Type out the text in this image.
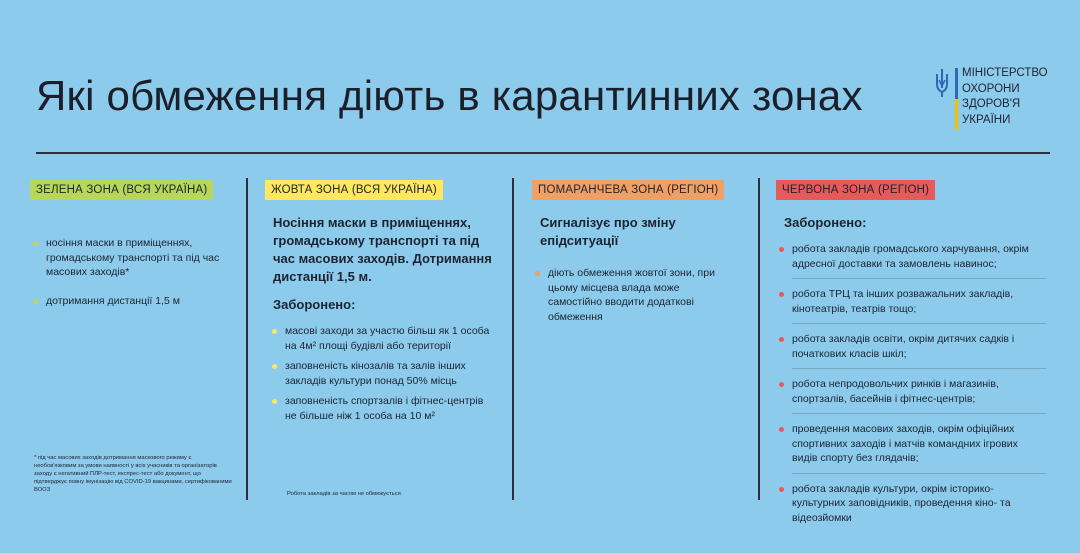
Які обмеження діють в карантинних зонах	МІНІСТЕРСТВО
ОХОРОНИ
ЗДОРОВ'Я
УКРАЇНИ
ЗЕЛЕНА ЗОНА (ВСЯ УКРАЇНА)
носіння маски в приміщеннях, громадському транспорті та під час масових заходів*
дотримання дистанції 1,5 м
* під час масових заходів дотримання маскового режиму є необов'язковим за умови наявності у всіх учасників та організаторів заходу є негативний ПЛР-тест, експрес-тест або документ, що підтверджує повну імунізацію від COVID-19 вакцинами, сертифікованими ВООЗ
ЖОВТА ЗОНА (ВСЯ УКРАЇНА)
Носіння маски в приміщеннях, громадському транспорті та під час масових заходів. Дотримання дистанції 1,5 м.
Заборонено:
масові заходи за участю більш як 1 особа на 4м² площі будівлі або території
заповненість кінозалів та залів інших закладів культури понад 50% місць
заповненість спортзалів і фітнес-центрів не більше ніж 1 особа на 10 м²
Робота закладів за часом не обмежується
ПОМАРАНЧЕВА ЗОНА (РЕГІОН)
Сигналізує про зміну епідситуації
діють обмеження жовтої зони, при цьому місцева влада може самостійно вводити додаткові обмеження
ЧЕРВОНА ЗОНА (РЕГІОН)
Заборонено:
робота закладів громадського харчування, окрім адресної доставки та замовлень навинос;
робота ТРЦ та інших розважальних закладів, кінотеатрів, театрів тощо;
робота закладів освіти, окрім дитячих садків і початкових класів шкіл;
робота непродовольчих ринків і магазинів, спортзалів, басейнів і фітнес-центрів;
проведення масових заходів, окрім офіційних спортивних заходів і матчів командних ігрових видів спорту без глядачів;
робота закладів культури, окрім історико-культурних заповідників, проведення кіно- та відеозйомки
